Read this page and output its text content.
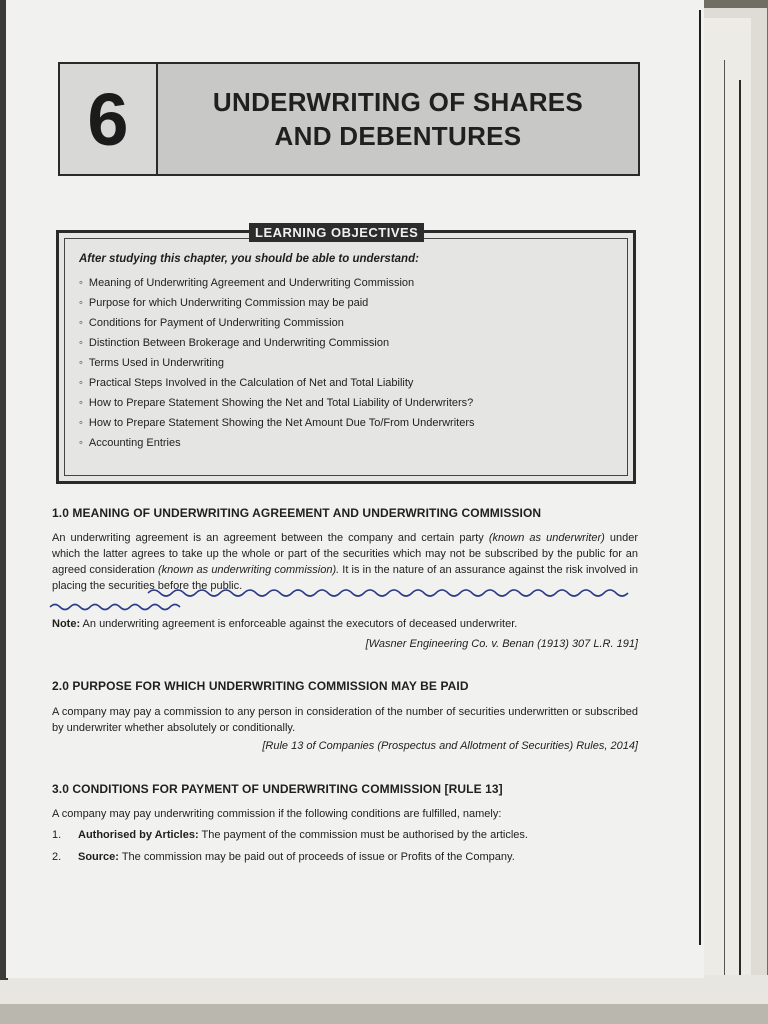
6	UNDERWRITING OF SHARES
AND DEBENTURES
LEARNING OBJECTIVES
After studying this chapter, you should be able to understand:
◦ Meaning of Underwriting Agreement and Underwriting Commission
◦ Purpose for which Underwriting Commission may be paid
◦ Conditions for Payment of Underwriting Commission
◦ Distinction Between Brokerage and Underwriting Commission
◦ Terms Used in Underwriting
◦ Practical Steps Involved in the Calculation of Net and Total Liability
◦ How to Prepare Statement Showing the Net and Total Liability of Underwriters?
◦ How to Prepare Statement Showing the Net Amount Due To/From Underwriters
◦ Accounting Entries
1.0 MEANING OF UNDERWRITING AGREEMENT AND UNDERWRITING COMMISSION
An underwriting agreement is an agreement between the company and certain party (known as underwriter) under which the latter agrees to take up the whole or part of the securities which may not be subscribed by the public for an agreed consideration (known as underwriting commission). It is in the nature of an assurance against the risk involved in placing the securities before the public.
Note: An underwriting agreement is enforceable against the executors of deceased underwriter.
[Wasner Engineering Co. v. Benan (1913) 307 L.R. 191]
2.0 PURPOSE FOR WHICH UNDERWRITING COMMISSION MAY BE PAID
A company may pay a commission to any person in consideration of the number of securities underwritten or subscribed by underwriter whether absolutely or conditionally.
[Rule 13 of Companies (Prospectus and Allotment of Securities) Rules, 2014]
3.0 CONDITIONS FOR PAYMENT OF UNDERWRITING COMMISSION [RULE 13]
A company may pay underwriting commission if the following conditions are fulfilled, namely:
1. Authorised by Articles: The payment of the commission must be authorised by the articles.
2. Source: The commission may be paid out of proceeds of issue or Profits of the Company.
